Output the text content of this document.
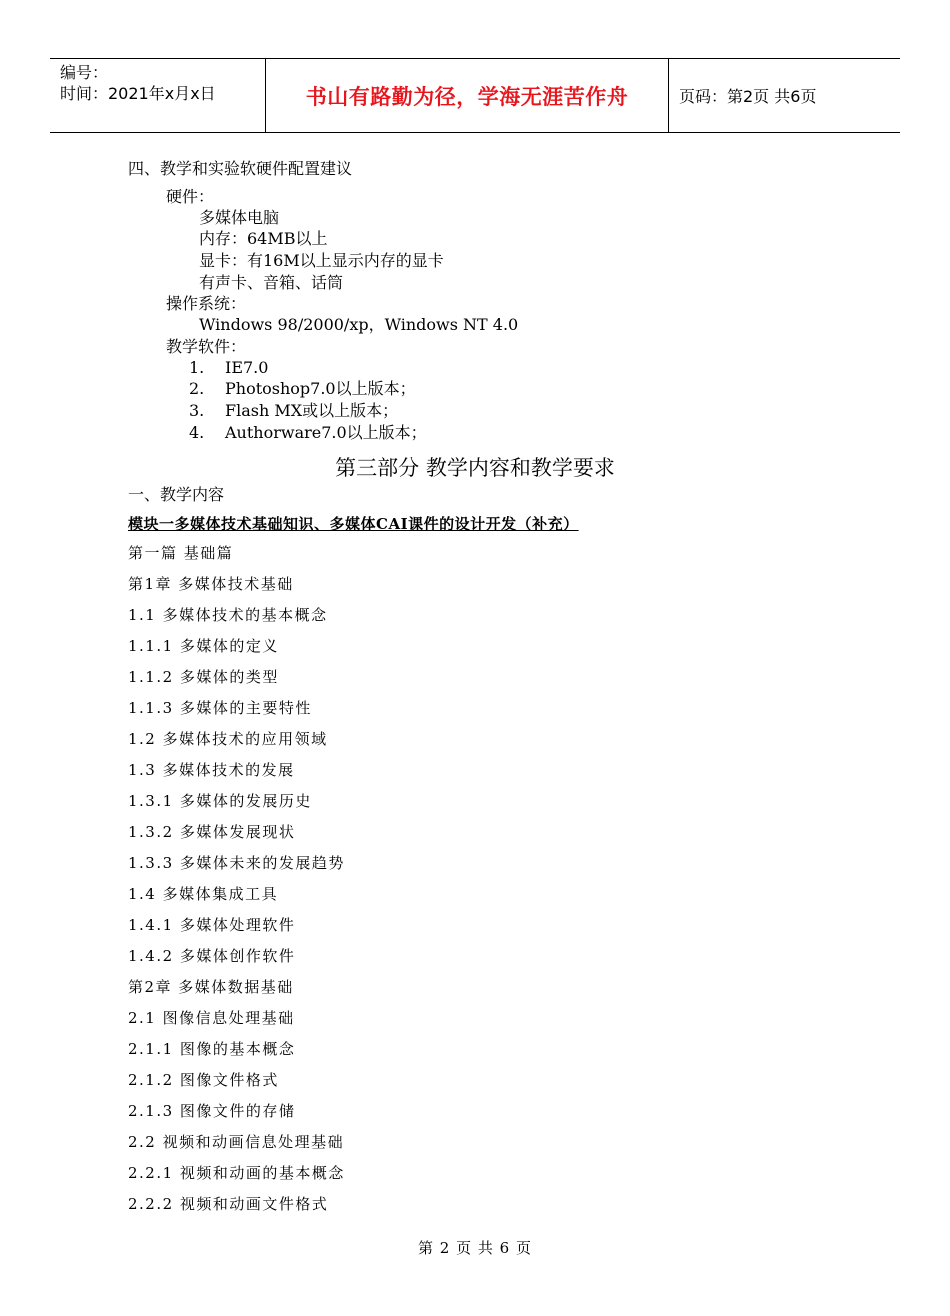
编号：
时间：2021年x月x日	书山有路勤为径，学海无涯苦作舟	页码：第2页 共6页
四、教学和实验软硬件配置建议
硬件：
多媒体电脑
内存：64MB以上
显卡：有16M以上显示内存的显卡
有声卡、音箱、话筒
操作系统：
Windows 98/2000/xp，Windows NT 4.0
教学软件：
1. IE7.0
2. Photoshop7.0以上版本；
3. Flash MX或以上版本；
4. Authorware7.0以上版本；
第三部分 教学内容和教学要求
一、教学内容
模块一多媒体技术基础知识、多媒体CAI课件的设计开发（补充）
第一篇 基础篇
第1章 多媒体技术基础
1.1 多媒体技术的基本概念
1.1.1 多媒体的定义
1.1.2 多媒体的类型
1.1.3 多媒体的主要特性
1.2 多媒体技术的应用领域
1.3 多媒体技术的发展
1.3.1 多媒体的发展历史
1.3.2 多媒体发展现状
1.3.3 多媒体未来的发展趋势
1.4 多媒体集成工具
1.4.1 多媒体处理软件
1.4.2 多媒体创作软件
第2章 多媒体数据基础
2.1 图像信息处理基础
2.1.1 图像的基本概念
2.1.2 图像文件格式
2.1.3 图像文件的存储
2.2 视频和动画信息处理基础
2.2.1 视频和动画的基本概念
2.2.2 视频和动画文件格式
第 2 页 共 6 页
